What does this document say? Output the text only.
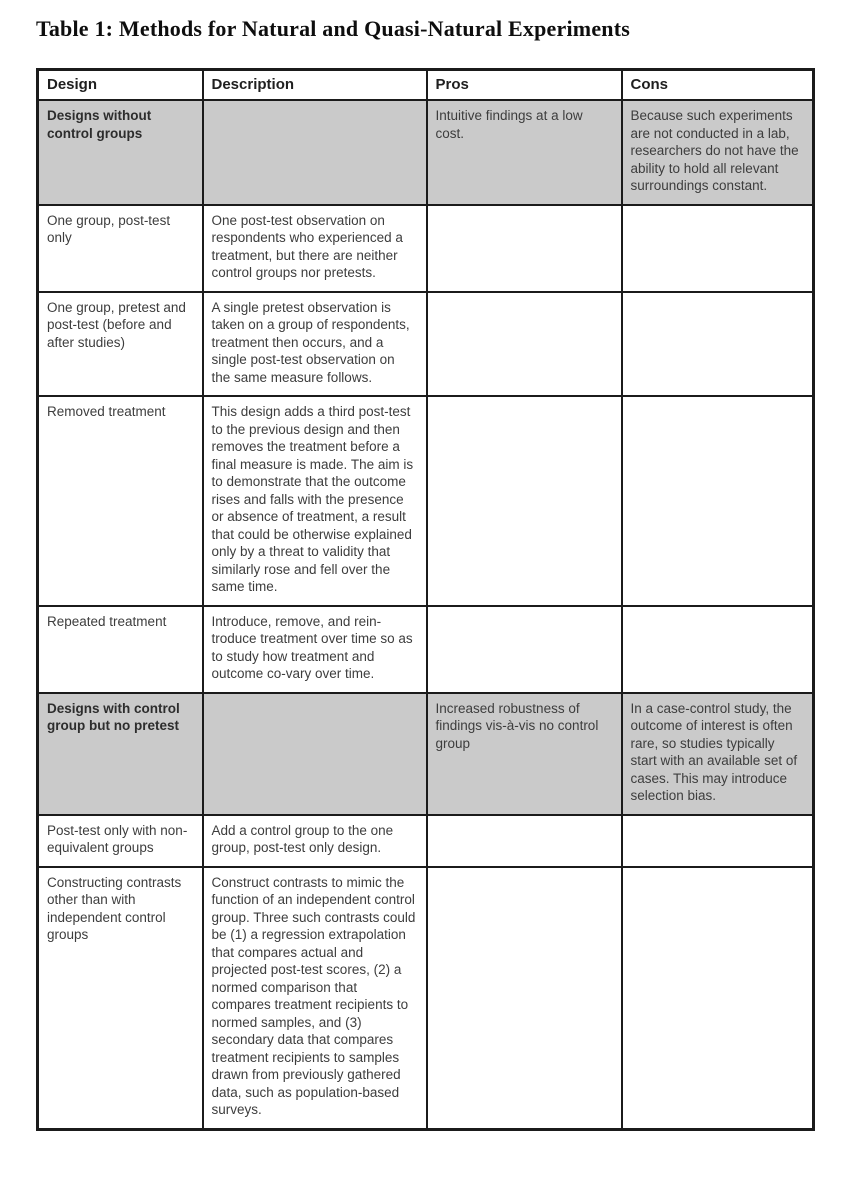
Table 1: Methods for Natural and Quasi-Natural Experiments
Design	Description	Pros	Cons
Designs without control groups		Intuitive findings at a low cost.	Because such experiments are not conducted in a lab, researchers do not have the ability to hold all relevant surroundings constant.
One group, post-test only	One post-test observation on respondents who experienced a treatment, but there are neither control groups nor pretests.		
One group, pretest and post-test (before and after studies)	A single pretest observation is taken on a group of respondents, treatment then occurs, and a single post-test observation on the same measure follows.		
Removed treatment	This design adds a third post-test to the previous design and then removes the treatment before a final measure is made. The aim is to demonstrate that the outcome rises and falls with the presence or absence of treatment, a result that could be otherwise explained only by a threat to validity that similarly rose and fell over the same time.		
Repeated treatment	Introduce, remove, and reintroduce treatment over time so as to study how treatment and outcome co-vary over time.		
Designs with control group but no pretest		Increased robustness of findings vis-à-vis no control group	In a case-control study, the outcome of interest is often rare, so studies typically start with an available set of cases. This may introduce selection bias.
Post-test only with non-equivalent groups	Add a control group to the one group, post-test only design.		
Constructing contrasts other than with independent control groups	Construct contrasts to mimic the function of an independent control group. Three such contrasts could be (1) a regression extrapolation that compares actual and projected post-test scores, (2) a normed comparison that compares treatment recipients to normed samples, and (3) secondary data that compares treatment recipients to samples drawn from previously gathered data, such as population-based surveys.		
